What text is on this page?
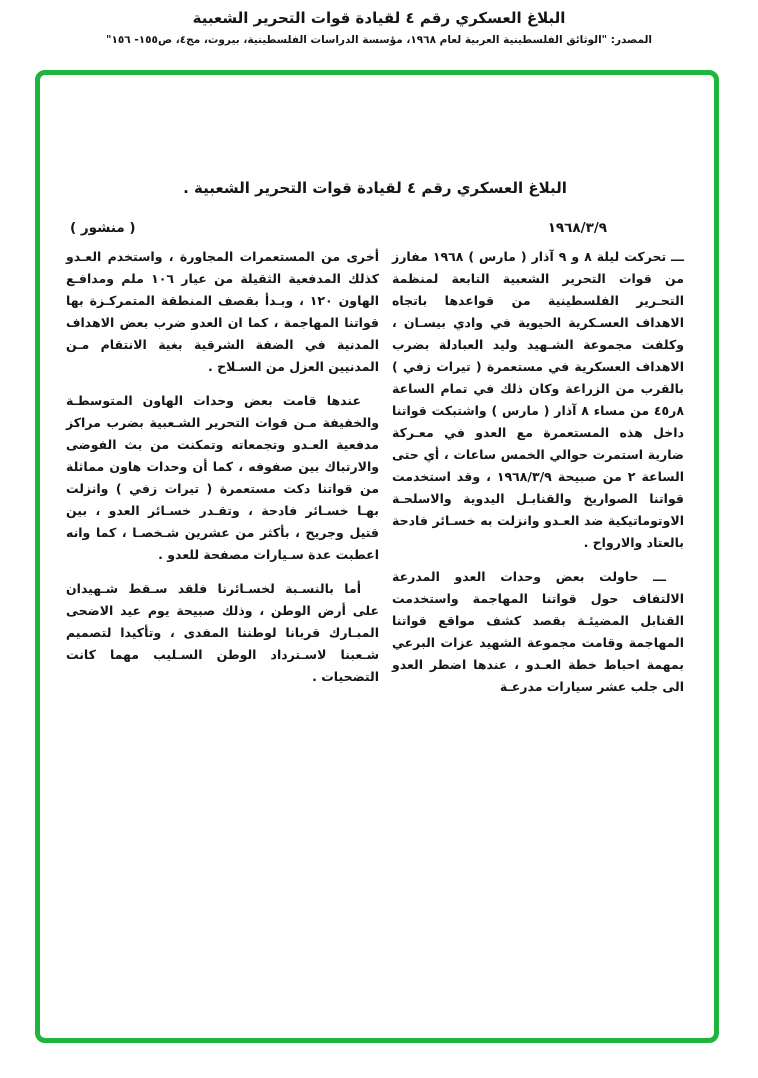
البلاغ العسكري رقم ٤ لقيادة قوات التحرير الشعبية
المصدر: "الوثائق الفلسطينية العربية لعام ١٩٦٨، مؤسسة الدراسات الفلسطينية، بيروت، مج٤، ص١٥٥- ١٥٦"
البلاغ العسكري رقم ٤ لقيادة قوات التحرير الشعبية .
( منشور )	١٩٦٨/٣/٩

ـــ تحركت ليلة ٨ و ٩ آذار ( مارس ) ١٩٦٨ مفارز من قوات التحرير الشعبية التابعة لمنظمة التحـرير الفلسطينية من قواعدها باتجاه الاهداف العسـكرية الحيوية في وادي بيسـان ، وكلفت مجموعة الشـهيد وليد العبادلة بضرب الاهداف العسكرية في مستعمرة ( تيرات زفي ) بالقرب من الزراعة وكان ذلك في تمام الساعة ٨ر٤٥ من مساء ٨ آذار ( مارس ) واشتبكت قواتنا داخل هذه المستعمرة مع العدو في معـركة ضارية استمرت حوالي الخمس ساعات ، أي حتى الساعة ٢ من صبيحة ١٩٦٨/٣/٩ ، وقد استخدمت قواتنا الصواريخ والقنابـل اليدوية والاسلحـة الاوتوماتيكية ضد العـدو وانزلت به خسـائر فادحة بالعتاد والارواح .

ـــ حاولت بعض وحدات العدو المدرعة الالتفاف حول قواتنا المهاجمة واستخدمت القنابل المضيئـة بقصد كشف مواقع قواتنا المهاجمة وقامت مجموعة الشهيد عزات البرعي بمهمة احباط خطة العـدو ، عندها اضطر العدو الى جلب عشر سيارات مدرعـة

أخرى من المستعمرات المجاورة ، واستخدم العـدو كذلك المدفعية الثقيلة من عيار ١٠٦ ملم ومدافـع الهاون ١٢٠ ، وبـدأ بقصف المنطقة المتمركـزة بها قواتنا المهاجمة ، كما ان العدو ضرب بعض الاهداف المدنية في الضفة الشرقية بغية الانتقام مـن المدنيين العزل من السـلاح .

عندها قامت بعض وحدات الهاون المتوسطـة والخفيفة مـن قوات التحرير الشـعبية بضرب مراكز مدفعية العـدو وتجمعاته وتمكنت من بث الفوضى والارتباك بين صفوفه ، كما أن وحدات هاون مماثلة من قواتنا دكت مستعمرة ( تيرات زفي ) وانزلت بهـا خسـائر فادحة ، وتقـدر خسـائر العدو ، بين قتيل وجريح ، بأكثر من عشرين شـخصـا ، كما وانه اعطبت عدة سـيارات مصفحة للعدو .

أما بالنسـبة لخسـائرنا فلقد سـقط شـهيدان على أرض الوطن ، وذلك صبيحة يوم عيد الاضحى المبـارك قربانا لوطننا المفدى ، وتأكيدا لتصميم شـعبنا لاسـترداد الوطن السـليب مهما كانت التضحيات .
